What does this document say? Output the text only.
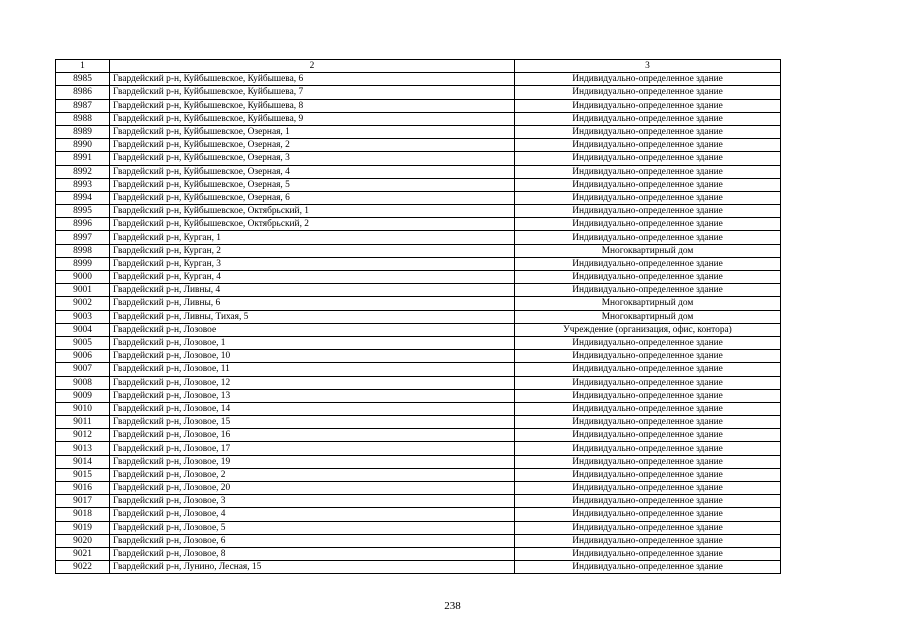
1	2	3
8985	Гвардейский р-н, Куйбышевское, Куйбышева, 6	Индивидуально-определенное здание
8986	Гвардейский р-н, Куйбышевское, Куйбышева, 7	Индивидуально-определенное здание
8987	Гвардейский р-н, Куйбышевское, Куйбышева, 8	Индивидуально-определенное здание
8988	Гвардейский р-н, Куйбышевское, Куйбышева, 9	Индивидуально-определенное здание
8989	Гвардейский р-н, Куйбышевское, Озерная, 1	Индивидуально-определенное здание
8990	Гвардейский р-н, Куйбышевское, Озерная, 2	Индивидуально-определенное здание
8991	Гвардейский р-н, Куйбышевское, Озерная, 3	Индивидуально-определенное здание
8992	Гвардейский р-н, Куйбышевское, Озерная, 4	Индивидуально-определенное здание
8993	Гвардейский р-н, Куйбышевское, Озерная, 5	Индивидуально-определенное здание
8994	Гвардейский р-н, Куйбышевское, Озерная, 6	Индивидуально-определенное здание
8995	Гвардейский р-н, Куйбышевское, Октябрьский, 1	Индивидуально-определенное здание
8996	Гвардейский р-н, Куйбышевское, Октябрьский, 2	Индивидуально-определенное здание
8997	Гвардейский р-н, Курган, 1	Индивидуально-определенное здание
8998	Гвардейский р-н, Курган, 2	Многоквартирный дом
8999	Гвардейский р-н, Курган, 3	Индивидуально-определенное здание
9000	Гвардейский р-н, Курган, 4	Индивидуально-определенное здание
9001	Гвардейский р-н, Ливны, 4	Индивидуально-определенное здание
9002	Гвардейский р-н, Ливны, 6	Многоквартирный дом
9003	Гвардейский р-н, Ливны, Тихая, 5	Многоквартирный дом
9004	Гвардейский р-н, Лозовое	Учреждение (организация, офис, контора)
9005	Гвардейский р-н, Лозовое, 1	Индивидуально-определенное здание
9006	Гвардейский р-н, Лозовое, 10	Индивидуально-определенное здание
9007	Гвардейский р-н, Лозовое, 11	Индивидуально-определенное здание
9008	Гвардейский р-н, Лозовое, 12	Индивидуально-определенное здание
9009	Гвардейский р-н, Лозовое, 13	Индивидуально-определенное здание
9010	Гвардейский р-н, Лозовое, 14	Индивидуально-определенное здание
9011	Гвардейский р-н, Лозовое, 15	Индивидуально-определенное здание
9012	Гвардейский р-н, Лозовое, 16	Индивидуально-определенное здание
9013	Гвардейский р-н, Лозовое, 17	Индивидуально-определенное здание
9014	Гвардейский р-н, Лозовое, 19	Индивидуально-определенное здание
9015	Гвардейский р-н, Лозовое, 2	Индивидуально-определенное здание
9016	Гвардейский р-н, Лозовое, 20	Индивидуально-определенное здание
9017	Гвардейский р-н, Лозовое, 3	Индивидуально-определенное здание
9018	Гвардейский р-н, Лозовое, 4	Индивидуально-определенное здание
9019	Гвардейский р-н, Лозовое, 5	Индивидуально-определенное здание
9020	Гвардейский р-н, Лозовое, 6	Индивидуально-определенное здание
9021	Гвардейский р-н, Лозовое, 8	Индивидуально-определенное здание
9022	Гвардейский р-н, Лунино, Лесная, 15	Индивидуально-определенное здание
238
